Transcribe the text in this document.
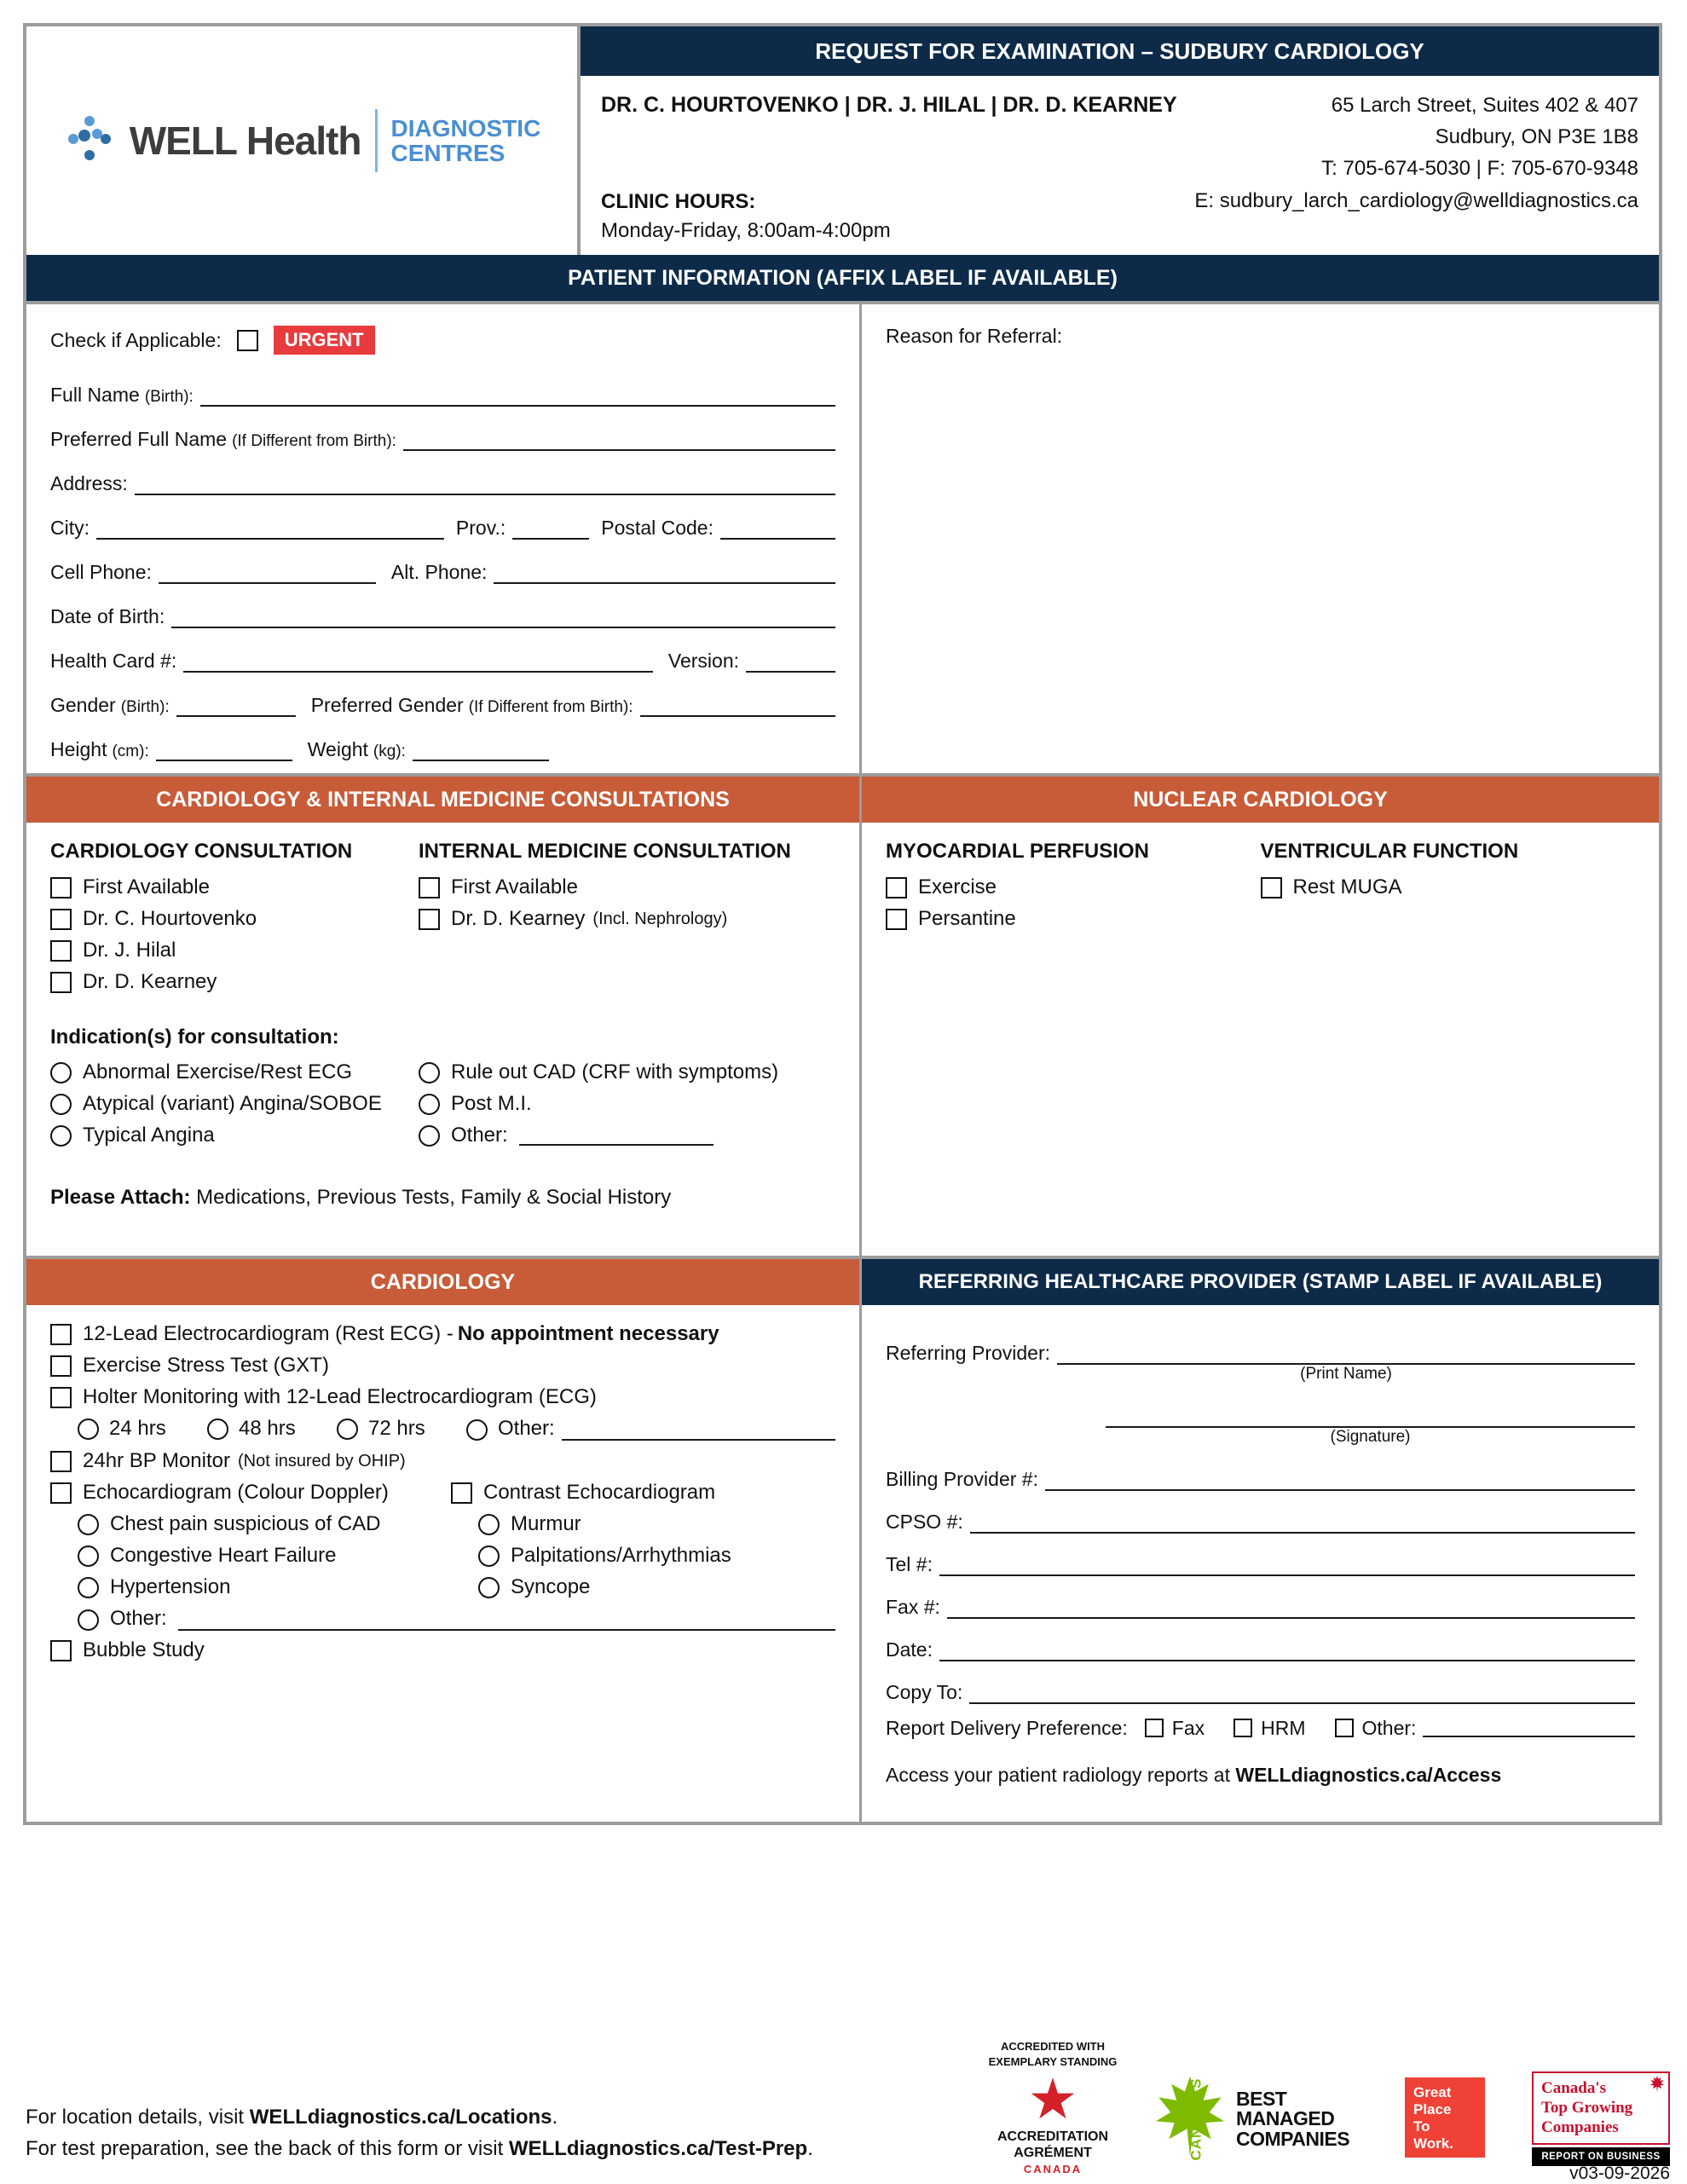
WELL Health DIAGNOSTIC
CENTRES
REQUEST FOR EXAMINATION – SUDBURY CARDIOLOGY
DR. C. HOURTOVENKO | DR. J. HILAL | DR. D. KEARNEY
CLINIC HOURS:
Monday-Friday, 8:00am-4:00pm
65 Larch Street, Suites 402 & 407
Sudbury, ON P3E 1B8
T: 705-674-5030 | F: 705-670-9348
E: sudbury_larch_cardiology@welldiagnostics.ca
PATIENT INFORMATION (AFFIX LABEL IF AVAILABLE)
Check if Applicable:	URGENT
Full Name (Birth):
Preferred Full Name (If Different from Birth):
Address:
City:	Prov.:	Postal Code:
Cell Phone:	Alt. Phone:
Date of Birth:
Health Card #:	Version:
Gender (Birth):	Preferred Gender (If Different from Birth):
Height (cm):	Weight (kg):
Reason for Referral:
CARDIOLOGY & INTERNAL MEDICINE CONSULTATIONS
CARDIOLOGY CONSULTATION
First Available
Dr. C. Hourtovenko
Dr. J. Hilal
Dr. D. Kearney
INTERNAL MEDICINE CONSULTATION
First Available
Dr. D. Kearney (Incl. Nephrology)
Indication(s) for consultation:
Abnormal Exercise/Rest ECG
Atypical (variant) Angina/SOBOE
Typical Angina
Rule out CAD (CRF with symptoms)
Post M.I.
Other:
Please Attach: Medications, Previous Tests, Family & Social History
NUCLEAR CARDIOLOGY
MYOCARDIAL PERFUSION
Exercise
Persantine
VENTRICULAR FUNCTION
Rest MUGA
CARDIOLOGY
12-Lead Electrocardiogram (Rest ECG) - No appointment necessary
Exercise Stress Test (GXT)
Holter Monitoring with 12-Lead Electrocardiogram (ECG)
24 hrs	48 hrs	72 hrs	Other:
24hr BP Monitor (Not insured by OHIP)
Echocardiogram (Colour Doppler)
Chest pain suspicious of CAD
Congestive Heart Failure
Hypertension
Contrast Echocardiogram
Murmur
Palpitations/Arrhythmias
Syncope
Other:
Bubble Study
REFERRING HEALTHCARE PROVIDER (STAMP LABEL IF AVAILABLE)
Referring Provider:
(Print Name)
(Signature)
Billing Provider #:
CPSO #:
Tel #:
Fax #:
Date:
Copy To:
Report Delivery Preference: Fax	HRM	Other:
Access your patient radiology reports at WELLdiagnostics.ca/Access
For location details, visit WELLdiagnostics.ca/Locations.
For test preparation, see the back of this form or visit WELLdiagnostics.ca/Test-Prep.
ACCREDITED WITH
EXEMPLARY STANDING
★
ACCREDITATION
AGRÉMENT
CANADA
CANADA'S BEST
MANAGED
COMPANIES
Great
Place
To
Work.
Canada's
Top Growing
Companies
REPORT ON BUSINESS
v03-09-2026
